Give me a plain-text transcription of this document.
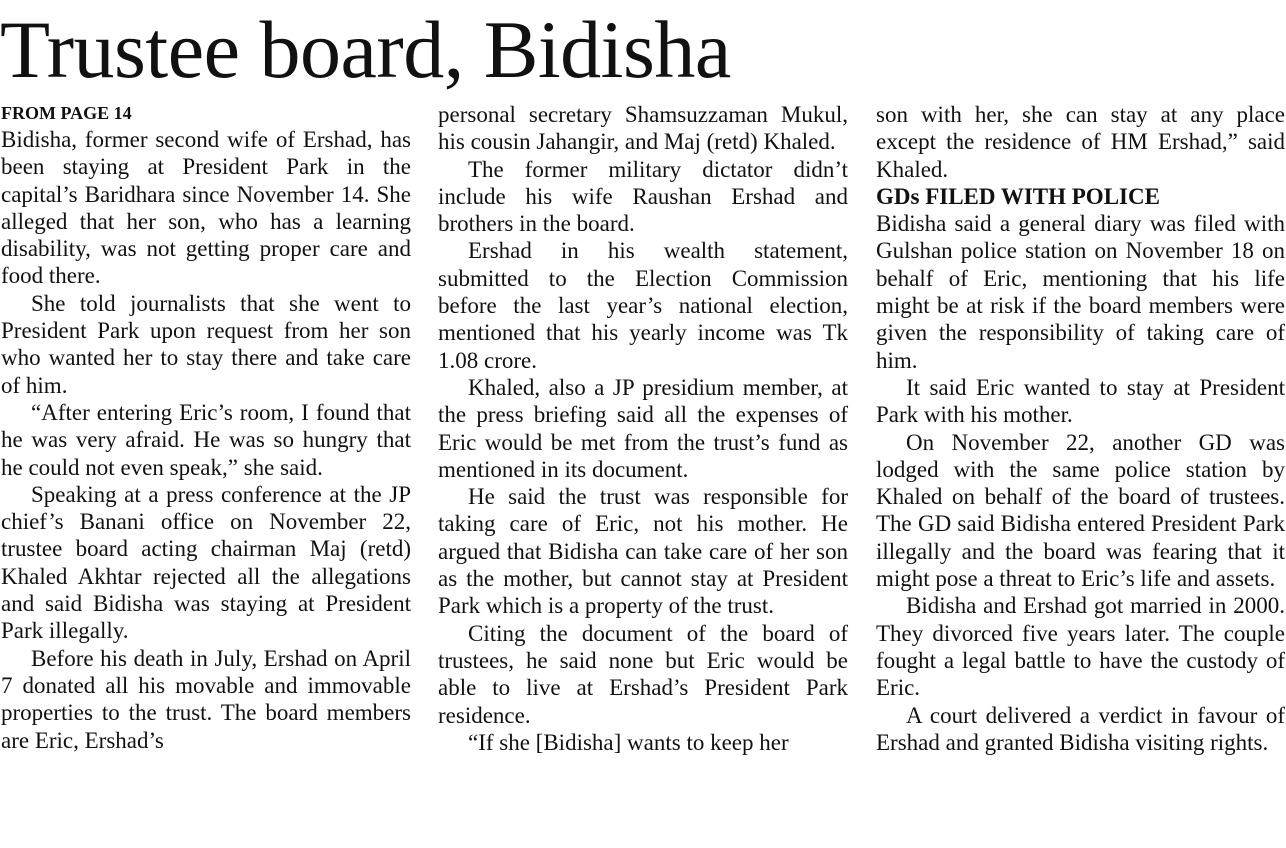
Trustee board, Bidisha

FROM PAGE 14

Bidisha, former second wife of Ershad, has been staying at President Park in the capital’s Baridhara since November 14. She alleged that her son, who has a learning disability, was not getting proper care and food there.

She told journalists that she went to President Park upon request from her son who wanted her to stay there and take care of him.

“After entering Eric’s room, I found that he was very afraid. He was so hungry that he could not even speak,” she said.

Speaking at a press conference at the JP chief’s Banani office on November 22, trustee board acting chairman Maj (retd) Khaled Akhtar rejected all the allegations and said Bidisha was staying at President Park illegally.

Before his death in July, Ershad on April 7 donated all his movable and immovable properties to the trust. The board members are Eric, Ershad’s

personal secretary Shamsuzzaman Mukul, his cousin Jahangir, and Maj (retd) Khaled.

The former military dictator didn’t include his wife Raushan Ershad and brothers in the board.

Ershad in his wealth statement, submitted to the Election Commission before the last year’s national election, mentioned that his yearly income was Tk 1.08 crore.

Khaled, also a JP presidium member, at the press briefing said all the expenses of Eric would be met from the trust’s fund as mentioned in its document.

He said the trust was responsible for taking care of Eric, not his mother. He argued that Bidisha can take care of her son as the mother, but cannot stay at President Park which is a property of the trust.

Citing the document of the board of trustees, he said none but Eric would be able to live at Ershad’s President Park residence.

“If she [Bidisha] wants to keep her

son with her, she can stay at any place except the residence of HM Ershad,” said Khaled.

GDs FILED WITH POLICE

Bidisha said a general diary was filed with Gulshan police station on November 18 on behalf of Eric, mentioning that his life might be at risk if the board members were given the responsibility of taking care of him.

It said Eric wanted to stay at President Park with his mother.

On November 22, another GD was lodged with the same police station by Khaled on behalf of the board of trustees. The GD said Bidisha entered President Park illegally and the board was fearing that it might pose a threat to Eric’s life and assets.

Bidisha and Ershad got married in 2000. They divorced five years later. The couple fought a legal battle to have the custody of Eric.

A court delivered a verdict in favour of Ershad and granted Bidisha visiting rights.
